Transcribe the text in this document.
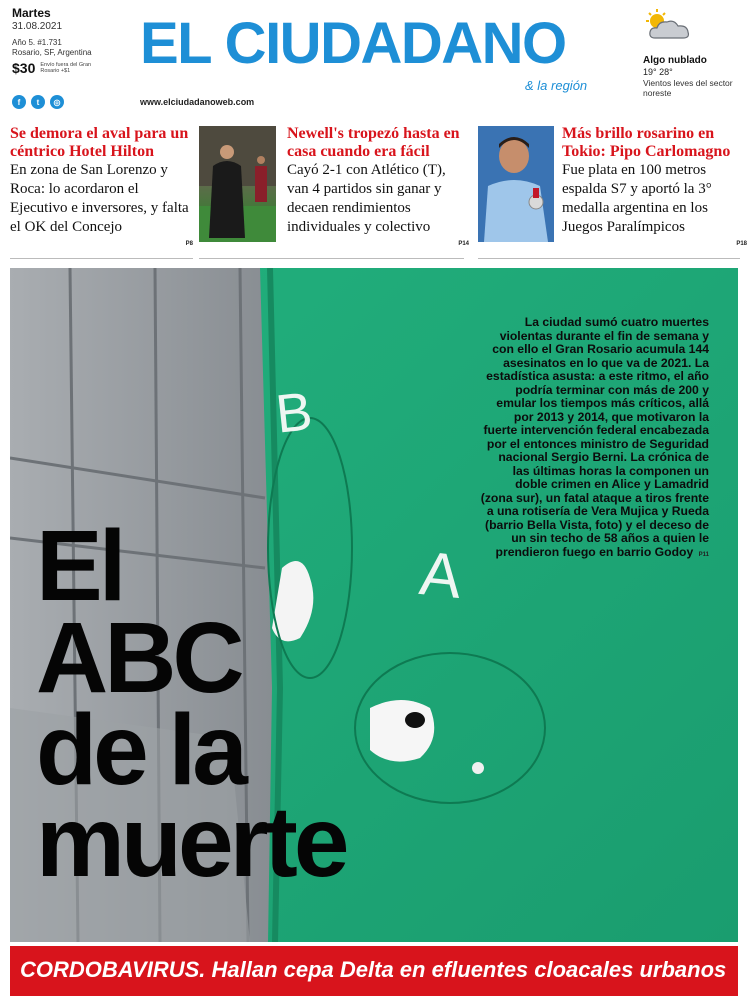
Martes
31.08.2021
Año 5. #1.731
Rosario, SF, Argentina
$30 Envío fuera del Gran Rosario +$1
f	t	◎
EL CIUDADANO
& la región
www.elciudadanoweb.com
Algo nublado
19° 28°
Vientos leves del sector noreste
Se demora el aval para un céntrico Hotel Hilton
En zona de San Lorenzo y Roca: lo acordaron el Ejecutivo e inversores, y falta el OK del Concejo
P8
Newell's tropezó hasta en casa cuando era fácil
Cayó 2-1 con Atlético (T), van 4 partidos sin ganar y decaen rendimientos individuales y colectivo
P14
Más brillo rosarino en Tokio: Pipo Carlomagno
Fue plata en 100 metros espalda S7 y aportó la 3° medalla argentina en los Juegos Paralímpicos
P18
B
A
La ciudad sumó cuatro muertes violentas durante el fin de semana y con ello el Gran Rosario acumula 144 asesinatos en lo que va de 2021. La estadística asusta: a este ritmo, el año podría terminar con más de 200 y emular los tiempos más críticos, allá por 2013 y 2014, que motivaron la fuerte intervención federal encabezada por el entonces ministro de Seguridad nacional Sergio Berni. La crónica de las últimas horas la componen un doble crimen en Alice y Lamadrid (zona sur), un fatal ataque a tiros frente a una rotisería de Vera Mujica y Rueda (barrio Bella Vista, foto) y el deceso de un sin techo de 58 años a quien le prendieron fuego en barrio Godoy P11
El
ABC
de la
muerte
CORDOBAVIRUS. Hallan cepa Delta en efluentes cloacales urbanos P4
